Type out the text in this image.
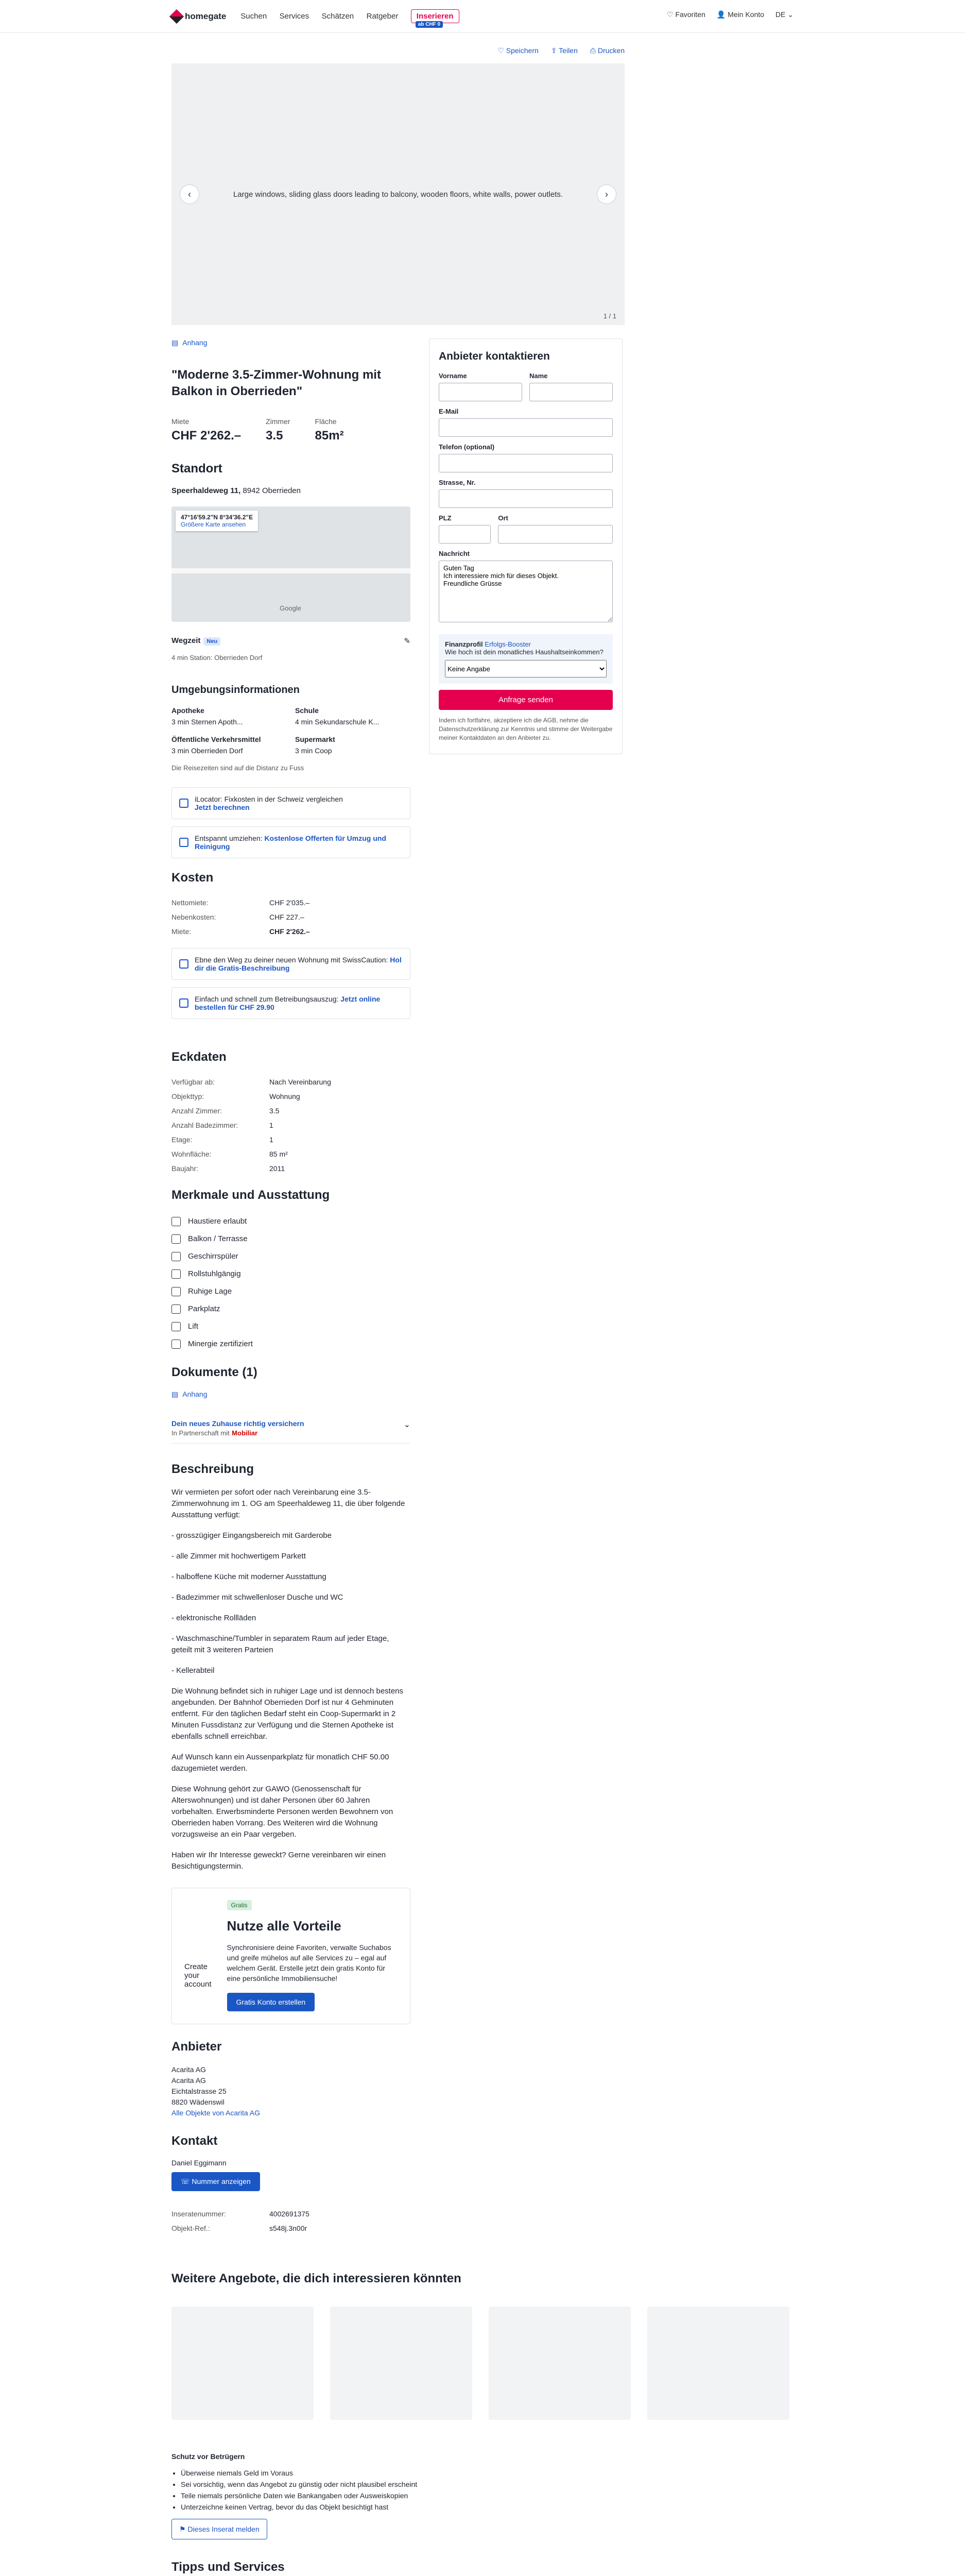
homegate Suchen Services Schätzen Ratgeber Inserieren
ab CHF 0
♡ Favoriten 👤 Mein Konto DE ⌄
♡ Speichern ⇪ Teilen ⎙ Drucken
‹	Large windows, sliding glass doors leading to balcony, wooden floors, white walls, power outlets.	›
1 / 1
▤ Anhang
"Moderne 3.5-Zimmer-Wohnung mit Balkon in Oberrieden"
Miete
CHF 2'262.–
Zimmer
3.5
Fläche
85m²
Standort
Speerhaldeweg 11, 8942 Oberrieden
47°16'59.2"N 8°34'36.2"E
Größere Karte ansehen
Google
Wegzeit Neu	✎
4 min Station: Oberrieden Dorf
Umgebungsinformationen
Apotheke
3 min Sternen Apoth...
Schule
4 min Sekundarschule K...
Öffentliche Verkehrsmittel
3 min Oberrieden Dorf
Supermarkt
3 min Coop
Die Reisezeiten sind auf die Distanz zu Fuss
iLocator: Fixkosten in der Schweiz vergleichen
Jetzt berechnen
Entspannt umziehen: Kostenlose Offerten für Umzug und Reinigung
Kosten
Nettomiete:	CHF 2'035.–
Nebenkosten:	CHF 227.–
Miete:	CHF 2'262.–
Ebne den Weg zu deiner neuen Wohnung mit SwissCaution: Hol dir die Gratis-Beschreibung
Einfach und schnell zum Betreibungsauszug: Jetzt online bestellen für CHF 29.90
Eckdaten
Verfügbar ab:	Nach Vereinbarung
Objekttyp:	Wohnung
Anzahl Zimmer:	3.5
Anzahl Badezimmer:	1
Etage:	1
Wohnfläche:	85 m²
Baujahr:	2011
Merkmale und Ausstattung
Haustiere erlaubt
Balkon / Terrasse
Geschirrspüler
Rollstuhlgängig
Ruhige Lage
Parkplatz
Lift
Minergie zertifiziert
Dokumente (1)
▤ Anhang
Dein neues Zuhause richtig versichern
In Partnerschaft mit Mobiliar
⌄
Beschreibung

Wir vermieten per sofort oder nach Vereinbarung eine 3.5-Zimmerwohnung im 1. OG am Speerhaldeweg 11, die über folgende Ausstattung verfügt:

- grosszügiger Eingangsbereich mit Garderobe

- alle Zimmer mit hochwertigem Parkett

- halboffene Küche mit moderner Ausstattung

- Badezimmer mit schwellenloser Dusche und WC

- elektronische Rollläden

- Waschmaschine/Tumbler in separatem Raum auf jeder Etage, geteilt mit 3 weiteren Parteien

- Kellerabteil

Die Wohnung befindet sich in ruhiger Lage und ist dennoch bestens angebunden. Der Bahnhof Oberrieden Dorf ist nur 4 Gehminuten entfernt. Für den täglichen Bedarf steht ein Coop-Supermarkt in 2 Minuten Fussdistanz zur Verfügung und die Sternen Apotheke ist ebenfalls schnell erreichbar.

Auf Wunsch kann ein Aussenparkplatz für monatlich CHF 50.00 dazugemietet werden.

Diese Wohnung gehört zur GAWO (Genossenschaft für Alterswohnungen) und ist daher Personen über 60 Jahren vorbehalten. Erwerbsminderte Personen werden Bewohnern von Oberrieden haben Vorrang. Des Weiteren wird die Wohnung vorzugsweise an ein Paar vergeben.

Haben wir Ihr Interesse geweckt? Gerne vereinbaren wir einen Besichtigungstermin.

Create your account
Gratis
Nutze alle Vorteile

Synchronisiere deine Favoriten, verwalte Suchabos und greife mühelos auf alle Services zu – egal auf welchem Gerät. Erstelle jetzt dein gratis Konto für eine persönliche Immobiliensuche!

Gratis Konto erstellen
Anbieter
Acarita AG
Acarita AG
Eichtalstrasse 25
8820 Wädenswil
Alle Objekte von Acarita AG
Kontakt
Daniel Eggimann
☏ Nummer anzeigen
Inseratenummer:	4002691375
Objekt-Ref.:	s548j.3n00r
Anbieter kontaktieren
Vorname	Name
E-Mail
Telefon (optional)
Strasse, Nr.
PLZ	Ort
Nachricht
Guten Tag Ich interessiere mich für dieses Objekt. Freundliche Grüsse
Finanzprofil Erfolgs-Booster
Wie hoch ist dein monatliches Haushaltseinkommen?
Keine Angabe
Anfrage senden

Indem ich fortfahre, akzeptiere ich die AGB, nehme die Datenschutzerklärung zur Kenntnis und stimme der Weitergabe meiner Kontaktdaten an den Anbieter zu.

Weitere Angebote, die dich interessieren könnten
Schutz vor Betrügern
• Überweise niemals Geld im Voraus
• Sei vorsichtig, wenn das Angebot zu günstig oder nicht plausibel erscheint
• Teile niemals persönliche Daten wie Bankangaben oder Ausweiskopien
• Unterzeichne keinen Vertrag, bevor du das Objekt besichtigt hast
⚑ Dieses Inserat melden
Tipps und Services
